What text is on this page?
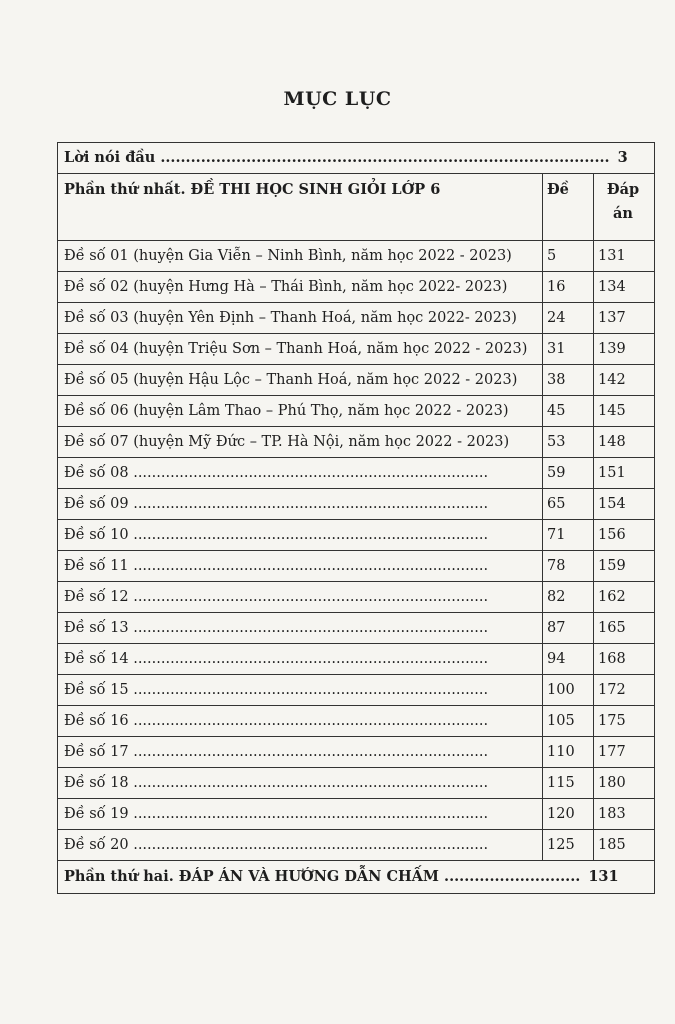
MỤC LỤC
Lời nói đầu ......................................................................................... 3		
Phần thứ nhất. ĐỀ THI HỌC SINH GIỎI LỚP 6	Đề	Đáp
án
Đề số 01 (huyện Gia Viễn – Ninh Bình, năm học 2022 - 2023)	5	131
Đề số 02 (huyện Hưng Hà – Thái Bình, năm học 2022- 2023)	16	134
Đề số 03 (huyện Yên Định – Thanh Hoá, năm học 2022- 2023)	24	137
Đề số 04 (huyện Triệu Sơn – Thanh Hoá, năm học 2022 - 2023)	31	139
Đề số 05 (huyện Hậu Lộc – Thanh Hoá, năm học 2022 - 2023)	38	142
Đề số 06 (huyện Lâm Thao – Phú Thọ, năm học 2022 - 2023)	45	145
Đề số 07 (huyện Mỹ Đức – TP. Hà Nội, năm học 2022 - 2023)	53	148
Đề số 08 .............................................................................	59	151
Đề số 09 .............................................................................	65	154
Đề số 10 .............................................................................	71	156
Đề số 11 .............................................................................	78	159
Đề số 12 .............................................................................	82	162
Đề số 13 .............................................................................	87	165
Đề số 14 .............................................................................	94	168
Đề số 15 .............................................................................	100	172
Đề số 16 .............................................................................	105	175
Đề số 17 .............................................................................	110	177
Đề số 18 .............................................................................	115	180
Đề số 19 .............................................................................	120	183
Đề số 20 .............................................................................	125	185
Phần thứ hai. ĐÁP ÁN VÀ HƯỚNG DẪN CHẤM ........................... 131		
